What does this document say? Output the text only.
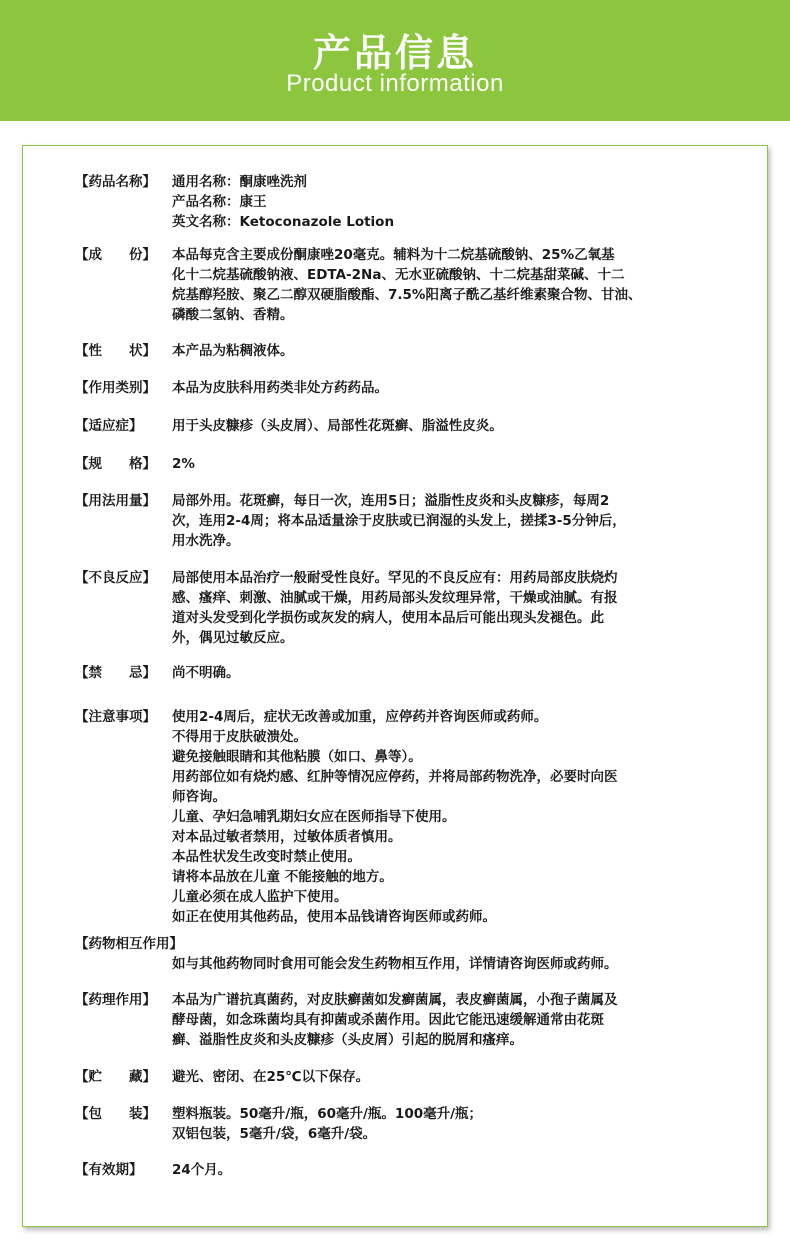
产品信息
Product information
【药品名称】	通用名称：酮康唑洗剂
产品名称：康王
英文名称：Ketoconazole Lotion
【成　　份】	本品每克含主要成份酮康唑20毫克。辅料为十二烷基硫酸钠、25%乙氧基
化十二烷基硫酸钠液、EDTA-2Na、无水亚硫酸钠、十二烷基甜菜碱、十二
烷基醇羟胺、聚乙二醇双硬脂酸酯、7.5%阳离子酰乙基纤维素聚合物、甘油、
磷酸二氢钠、香精。
【性　　状】	本产品为粘稠液体。
【作用类别】	本品为皮肤科用药类非处方药药品。
【适应症】	用于头皮糠疹（头皮屑）、局部性花斑癣、脂溢性皮炎。
【规　　格】	2%
【用法用量】	局部外用。花斑癣，每日一次，连用5日；溢脂性皮炎和头皮糠疹，每周2
次，连用2-4周；将本品适量涂于皮肤或已润湿的头发上，搓揉3-5分钟后，
用水洗净。
【不良反应】	局部使用本品治疗一般耐受性良好。罕见的不良反应有：用药局部皮肤烧灼
感、瘙痒、刺激、油腻或干燥，用药局部头发纹理异常，干燥或油腻。有报
道对头发受到化学损伤或灰发的病人，使用本品后可能出现头发褪色。此
外，偶见过敏反应。
【禁　　忌】	尚不明确。
【注意事项】	使用2-4周后，症状无改善或加重，应停药并咨询医师或药师。
不得用于皮肤破溃处。
避免接触眼睛和其他粘膜（如口、鼻等）。
用药部位如有烧灼感、红肿等情况应停药，并将局部药物洗净，必要时向医
师咨询。
儿童、孕妇急哺乳期妇女应在医师指导下使用。
对本品过敏者禁用，过敏体质者慎用。
本品性状发生改变时禁止使用。
请将本品放在儿童 不能接触的地方。
儿童必须在成人监护下使用。
如正在使用其他药品，使用本品钱请咨询医师或药师。
【药物相互作用】
如与其他药物同时食用可能会发生药物相互作用，详情请咨询医师或药师。
【药理作用】	本品为广谱抗真菌药，对皮肤癣菌如发癣菌属，表皮癣菌属，小孢子菌属及
酵母菌，如念珠菌均具有抑菌或杀菌作用。因此它能迅速缓解通常由花斑
癣、溢脂性皮炎和头皮糠疹（头皮屑）引起的脱屑和瘙痒。
【贮　　藏】	避光、密闭、在25℃以下保存。
【包　　装】	塑料瓶装。50毫升/瓶，60毫升/瓶。100毫升/瓶；
双铝包装，5毫升/袋，6毫升/袋。
【有效期】	24个月。
